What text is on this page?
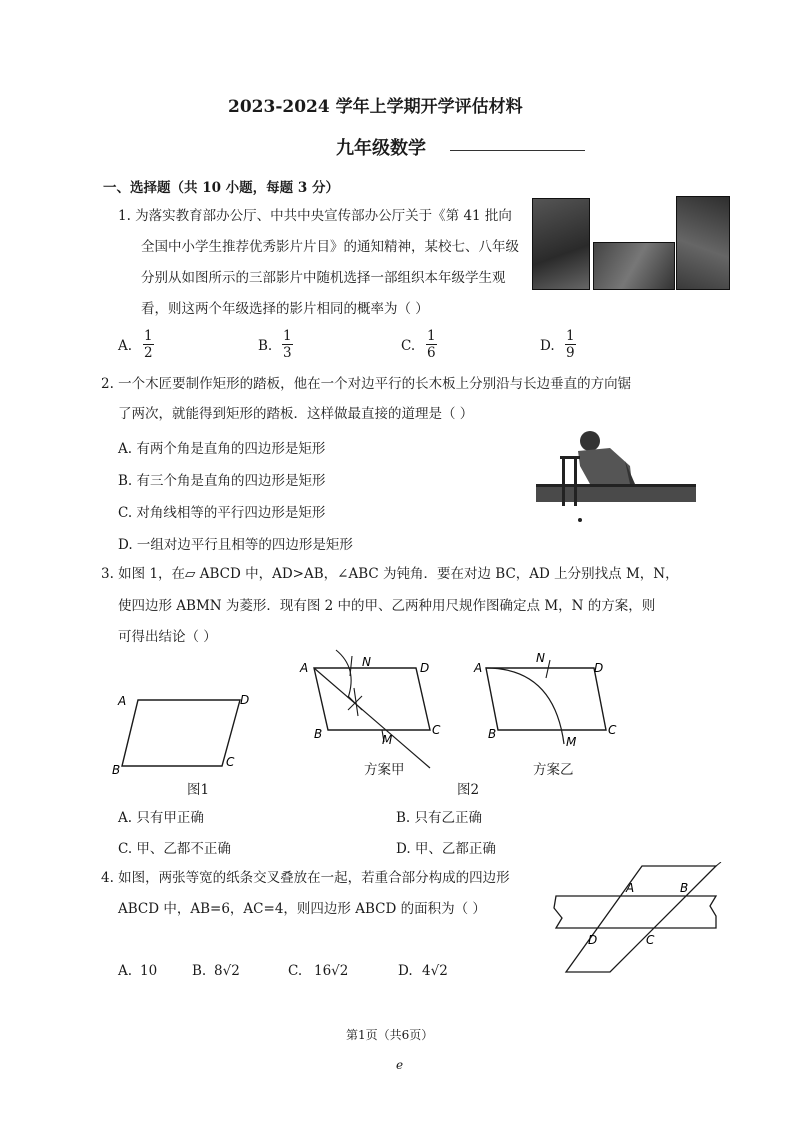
2023-2024 学年上学期开学评估材料
九年级数学
一、选择题（共 10 小题，每题 3 分）
1. 为落实教育部办公厅、中共中央宣传部办公厅关于《第 41 批向
全国中小学生推荐优秀影片片目》的通知精神，某校七、八年级
分别从如图所示的三部影片中随机选择一部组织本年级学生观
看，则这两个年级选择的影片相同的概率为（ ）
A. $\frac{1}{2}$	B. $\frac{1}{3}$	C. $\frac{1}{6}$	D. $\frac{1}{9}$
2. 一个木匠要制作矩形的踏板，他在一个对边平行的长木板上分别沿与长边垂直的方向锯
了两次，就能得到矩形的踏板．这样做最直接的道理是（ ）
A. 有两个角是直角的四边形是矩形
B. 有三个角是直角的四边形是矩形
C. 对角线相等的平行四边形是矩形
D. 一组对边平行且相等的四边形是矩形
3. 如图 1，在▱ ABCD 中，AD>AB，∠ABC 为钝角．要在对边 BC，AD 上分别找点 M，N，
使四边形 ABMN 为菱形．现有图 2 中的甲、乙两种用尺规作图确定点 M，N 的方案，则
可得出结论（ ）
A	D
C
B
A	N	D
C
B	M
A
N
D
C
B
M
图1
方案甲
图2
方案乙
A. 只有甲正确	B. 只有乙正确
C. 甲、乙都不正确	D. 甲、乙都正确
4. 如图，两张等宽的纸条交叉叠放在一起，若重合部分构成的四边形
ABCD 中，AB=6，AC=4，则四边形 ABCD 的面积为（ ）
A	B
D	C
A. 10	B. 8√2	C. 16√2	D. 4√2
第1页（共6页）
e
